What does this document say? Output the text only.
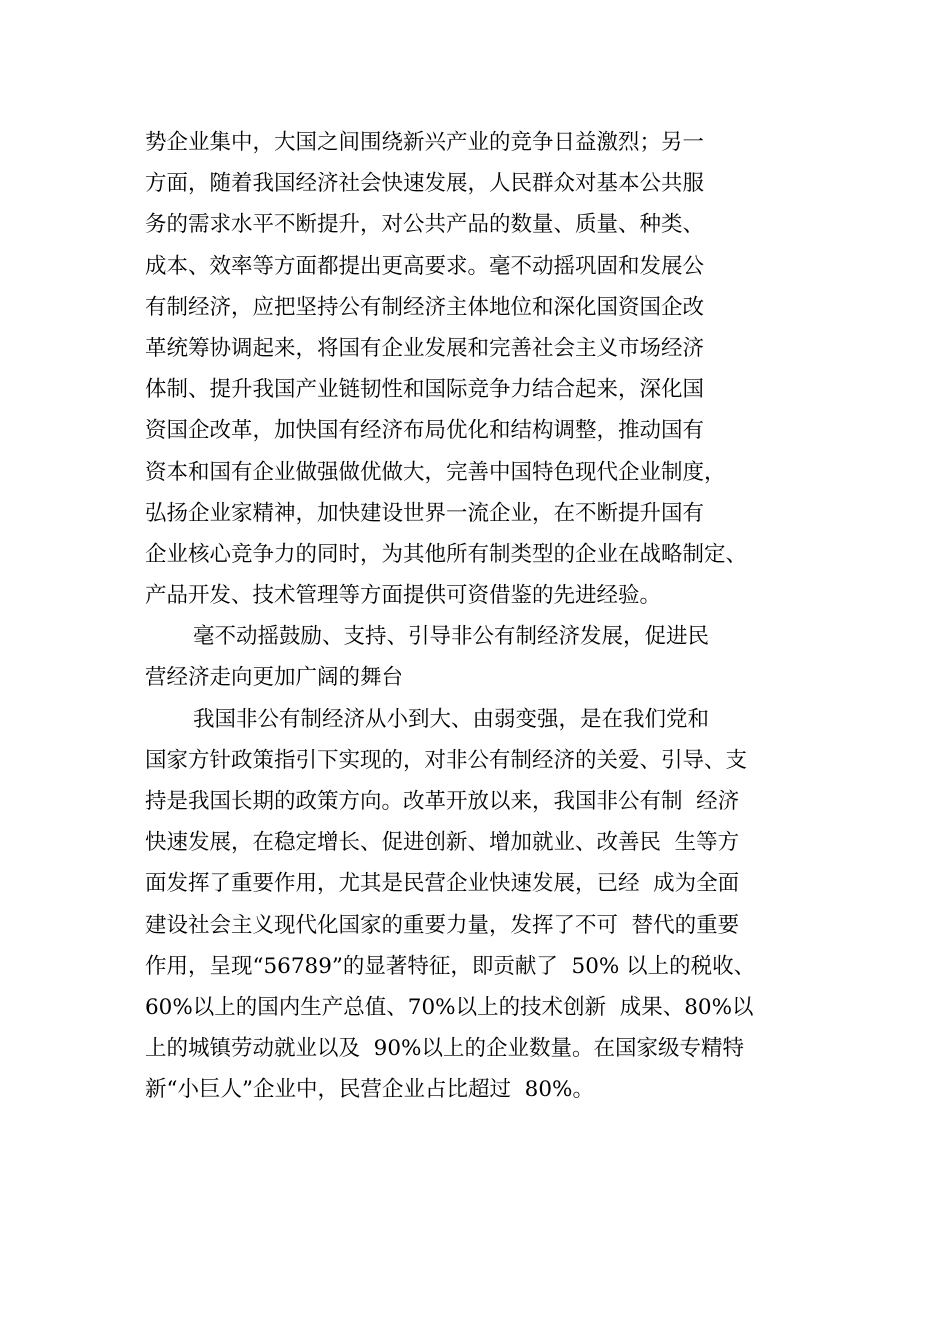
势企业集中，大国之间围绕新兴产业的竞争日益激烈；另一
方面，随着我国经济社会快速发展，人民群众对基本公共服
务的需求水平不断提升，对公共产品的数量、质量、种类、
成本、效率等方面都提出更高要求。毫不动摇巩固和发展公
有制经济，应把坚持公有制经济主体地位和深化国资国企改
革统筹协调起来，将国有企业发展和完善社会主义市场经济
体制、提升我国产业链韧性和国际竞争力结合起来，深化国
资国企改革，加快国有经济布局优化和结构调整，推动国有
资本和国有企业做强做优做大，完善中国特色现代企业制度，
弘扬企业家精神，加快建设世界一流企业，在不断提升国有
企业核心竞争力的同时，为其他所有制类型的企业在战略制定、
产品开发、技术管理等方面提供可资借鉴的先进经验。
毫不动摇鼓励、支持、引导非公有制经济发展，促进民
营经济走向更加广阔的舞台
我国非公有制经济从小到大、由弱变强，是在我们党和
国家方针政策指引下实现的，对非公有制经济的关爱、引导、支
持是我国长期的政策方向。改革开放以来，我国非公有制  经济
快速发展，在稳定增长、促进创新、增加就业、改善民  生等方
面发挥了重要作用，尤其是民营企业快速发展，已经  成为全面
建设社会主义现代化国家的重要力量，发挥了不可  替代的重要
作用，呈现“56789”的显著特征，即贡献了  50% 以上的税收、
60%以上的国内生产总值、70%以上的技术创新  成果、80%以
上的城镇劳动就业以及  90%以上的企业数量。在国家级专精特
新“小巨人”企业中，民营企业占比超过  80%。
